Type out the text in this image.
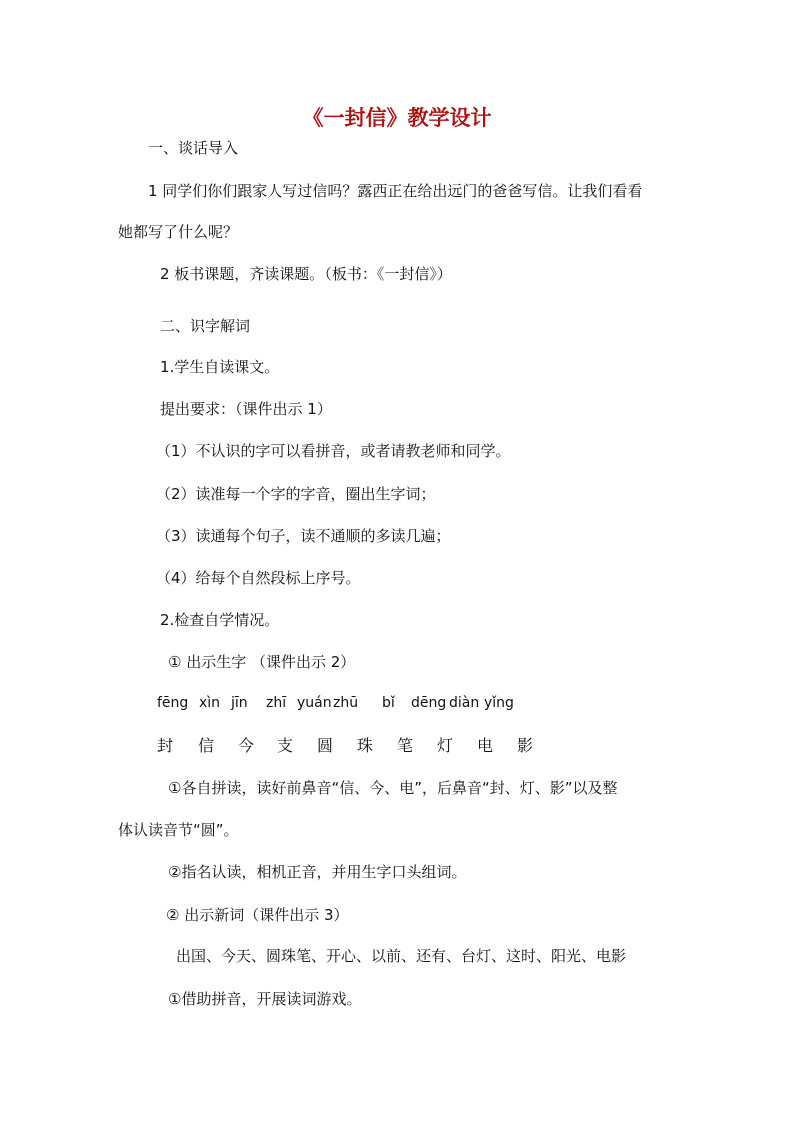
《一封信》教学设计
一、谈话导入
1 同学们你们跟家人写过信吗？露西正在给出远门的爸爸写信。让我们看看
她都写了什么呢？
2 板书课题，齐读课题。（板书：《一封信》）
二、识字解词
1.学生自读课文。
提出要求：（课件出示 1）
（1）不认识的字可以看拼音，或者请教老师和同学。
（2）读准每一个字的字音，圈出生字词；
（3）读通每个句子，读不通顺的多读几遍；
（4）给每个自然段标上序号。
2.检查自学情况。
① 出示生字 （课件出示 2）
fēng xìn jīn zhī yuán zhū bǐ dēng diàn yǐng
封 信 今 支 圆 珠 笔 灯 电 影
①各自拼读，读好前鼻音“信、今、电”，后鼻音“封、灯、影”以及整
体认读音节“圆”。
②指名认读，相机正音，并用生字口头组词。
② 出示新词（课件出示 3）
出国、今天、圆珠笔、开心、以前、还有、台灯、这时、阳光、电影
①借助拼音，开展读词游戏。
